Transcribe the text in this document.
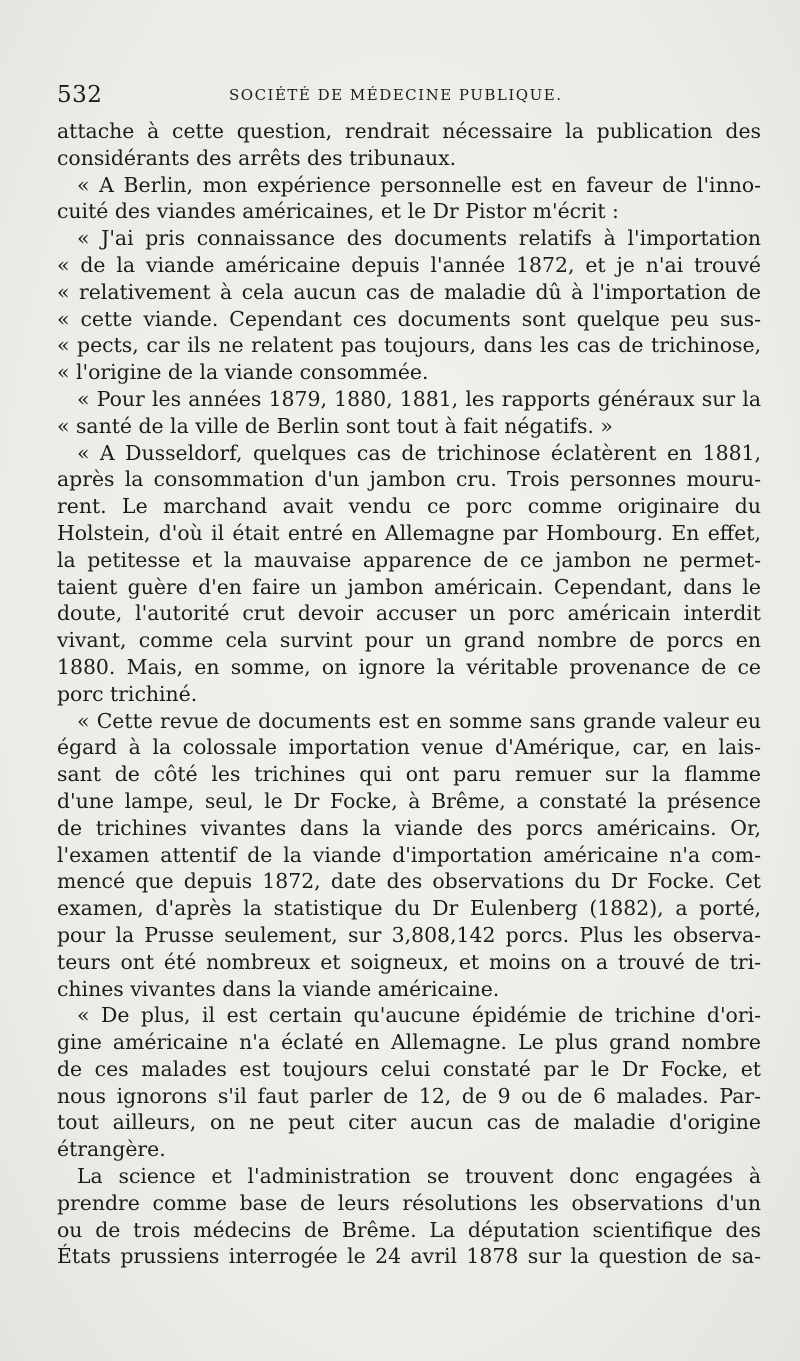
532	SOCIÉTÉ DE MÉDECINE PUBLIQUE.
attache à cette question, rendrait nécessaire la publication des
considérants des arrêts des tribunaux.
« A Berlin, mon expérience personnelle est en faveur de l'inno-
cuité des viandes américaines, et le Dr Pistor m'écrit :
« J'ai pris connaissance des documents relatifs à l'importation
« de la viande américaine depuis l'année 1872, et je n'ai trouvé
« relativement à cela aucun cas de maladie dû à l'importation de
« cette viande. Cependant ces documents sont quelque peu sus-
« pects, car ils ne relatent pas toujours, dans les cas de trichinose,
« l'origine de la viande consommée.
« Pour les années 1879, 1880, 1881, les rapports généraux sur la
« santé de la ville de Berlin sont tout à fait négatifs. »
« A Dusseldorf, quelques cas de trichinose éclatèrent en 1881,
après la consommation d'un jambon cru. Trois personnes mouru-
rent. Le marchand avait vendu ce porc comme originaire du
Holstein, d'où il était entré en Allemagne par Hombourg. En effet,
la petitesse et la mauvaise apparence de ce jambon ne permet-
taient guère d'en faire un jambon américain. Cependant, dans le
doute, l'autorité crut devoir accuser un porc américain interdit
vivant, comme cela survint pour un grand nombre de porcs en
1880. Mais, en somme, on ignore la véritable provenance de ce
porc trichiné.
« Cette revue de documents est en somme sans grande valeur eu
égard à la colossale importation venue d'Amérique, car, en lais-
sant de côté les trichines qui ont paru remuer sur la flamme
d'une lampe, seul, le Dr Focke, à Brême, a constaté la présence
de trichines vivantes dans la viande des porcs américains. Or,
l'examen attentif de la viande d'importation américaine n'a com-
mencé que depuis 1872, date des observations du Dr Focke. Cet
examen, d'après la statistique du Dr Eulenberg (1882), a porté,
pour la Prusse seulement, sur 3,808,142 porcs. Plus les observa-
teurs ont été nombreux et soigneux, et moins on a trouvé de tri-
chines vivantes dans la viande américaine.
« De plus, il est certain qu'aucune épidémie de trichine d'ori-
gine américaine n'a éclaté en Allemagne. Le plus grand nombre
de ces malades est toujours celui constaté par le Dr Focke, et
nous ignorons s'il faut parler de 12, de 9 ou de 6 malades. Par-
tout ailleurs, on ne peut citer aucun cas de maladie d'origine
étrangère.
La science et l'administration se trouvent donc engagées à
prendre comme base de leurs résolutions les observations d'un
ou de trois médecins de Brême. La députation scientifique des
États prussiens interrogée le 24 avril 1878 sur la question de sa-
